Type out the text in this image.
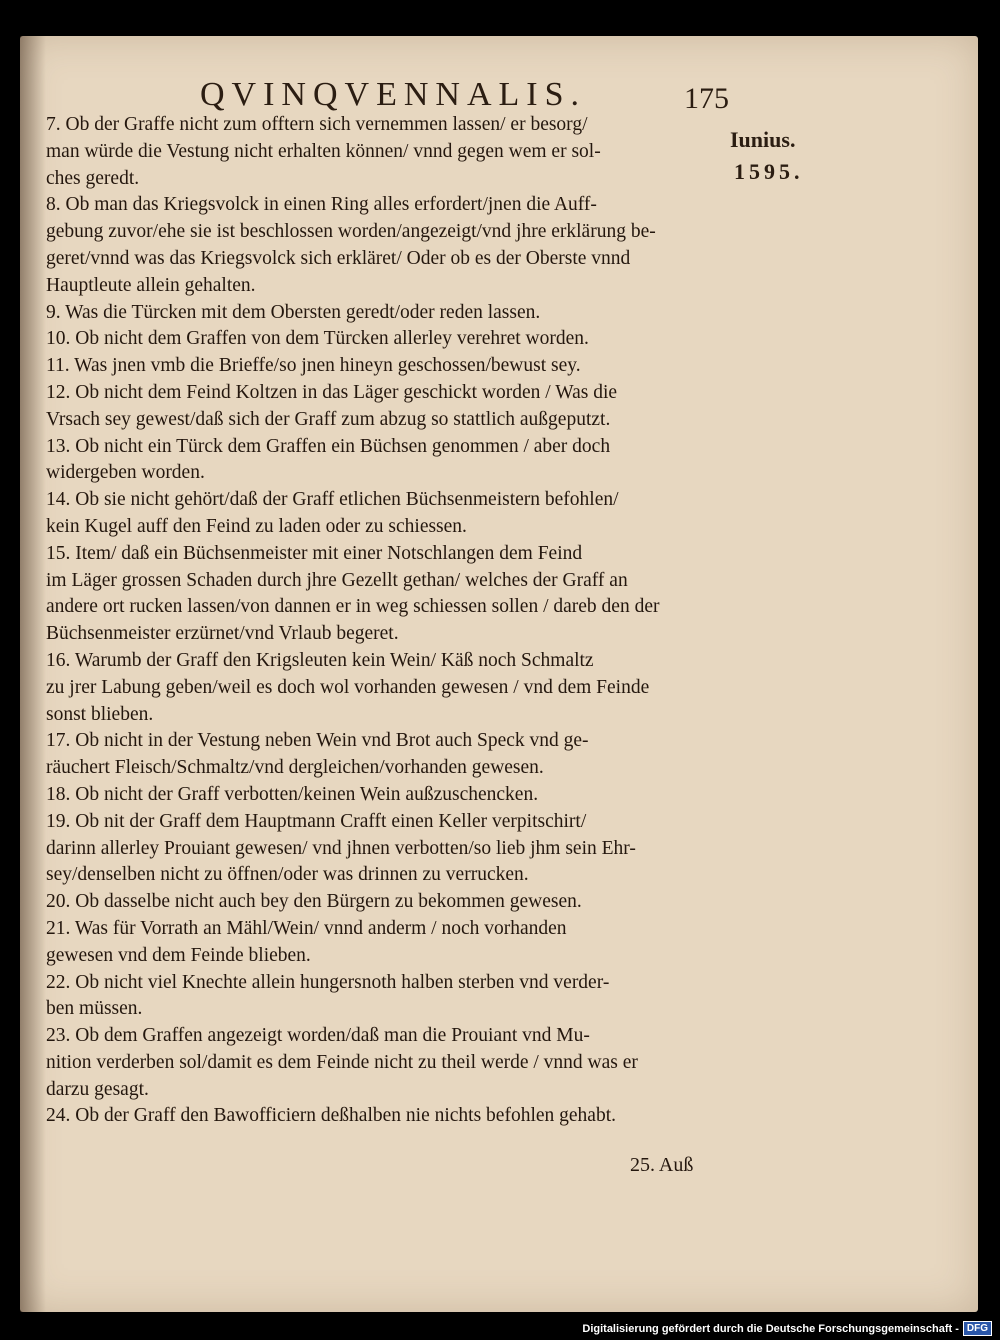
QVINQVENNALIS.	175
Iunius.
1595.
7. Ob der Graffe nicht zum offtern sich vernemmen lassen/ er besorg/
man würde die Vestung nicht erhalten können/ vnnd gegen wem er sol-
ches geredt.
8. Ob man das Kriegsvolck in einen Ring alles erfordert/jnen die Auff-
gebung zuvor/ehe sie ist beschlossen worden/angezeigt/vnd jhre erklärung be-
geret/vnnd was das Kriegsvolck sich erkläret/ Oder ob es der Oberste vnnd
Hauptleute allein gehalten.
9. Was die Türcken mit dem Obersten geredt/oder reden lassen.
10. Ob nicht dem Graffen von dem Türcken allerley verehret worden.
11. Was jnen vmb die Brieffe/so jnen hineyn geschossen/bewust sey.
12. Ob nicht dem Feind Koltzen in das Läger geschickt worden / Was die
Vrsach sey gewest/daß sich der Graff zum abzug so stattlich außgeputzt.
13. Ob nicht ein Türck dem Graffen ein Büchsen genommen / aber doch
widergeben worden.
14. Ob sie nicht gehört/daß der Graff etlichen Büchsenmeistern befohlen/
kein Kugel auff den Feind zu laden oder zu schiessen.
15. Item/ daß ein Büchsenmeister mit einer Notschlangen dem Feind
im Läger grossen Schaden durch jhre Gezellt gethan/ welches der Graff an
andere ort rucken lassen/von dannen er in weg schiessen sollen / dareb den der
Büchsenmeister erzürnet/vnd Vrlaub begeret.
16. Warumb der Graff den Krigsleuten kein Wein/ Käß noch Schmaltz
zu jrer Labung geben/weil es doch wol vorhanden gewesen / vnd dem Feinde
sonst blieben.
17. Ob nicht in der Vestung neben Wein vnd Brot auch Speck vnd ge-
räuchert Fleisch/Schmaltz/vnd dergleichen/vorhanden gewesen.
18. Ob nicht der Graff verbotten/keinen Wein außzuschencken.
19. Ob nit der Graff dem Hauptmann Crafft einen Keller verpitschirt/
darinn allerley Prouiant gewesen/ vnd jhnen verbotten/so lieb jhm sein Ehr-
sey/denselben nicht zu öffnen/oder was drinnen zu verrucken.
20. Ob dasselbe nicht auch bey den Bürgern zu bekommen gewesen.
21. Was für Vorrath an Mähl/Wein/ vnnd anderm / noch vorhanden
gewesen vnd dem Feinde blieben.
22. Ob nicht viel Knechte allein hungersnoth halben sterben vnd verder-
ben müssen.
23. Ob dem Graffen angezeigt worden/daß man die Prouiant vnd Mu-
nition verderben sol/damit es dem Feinde nicht zu theil werde / vnnd was er
darzu gesagt.
24. Ob der Graff den Bawofficiern deßhalben nie nichts befohlen gehabt.
25. Auß
Digitalisierung gefördert durch die Deutsche Forschungsgemeinschaft - DFG
